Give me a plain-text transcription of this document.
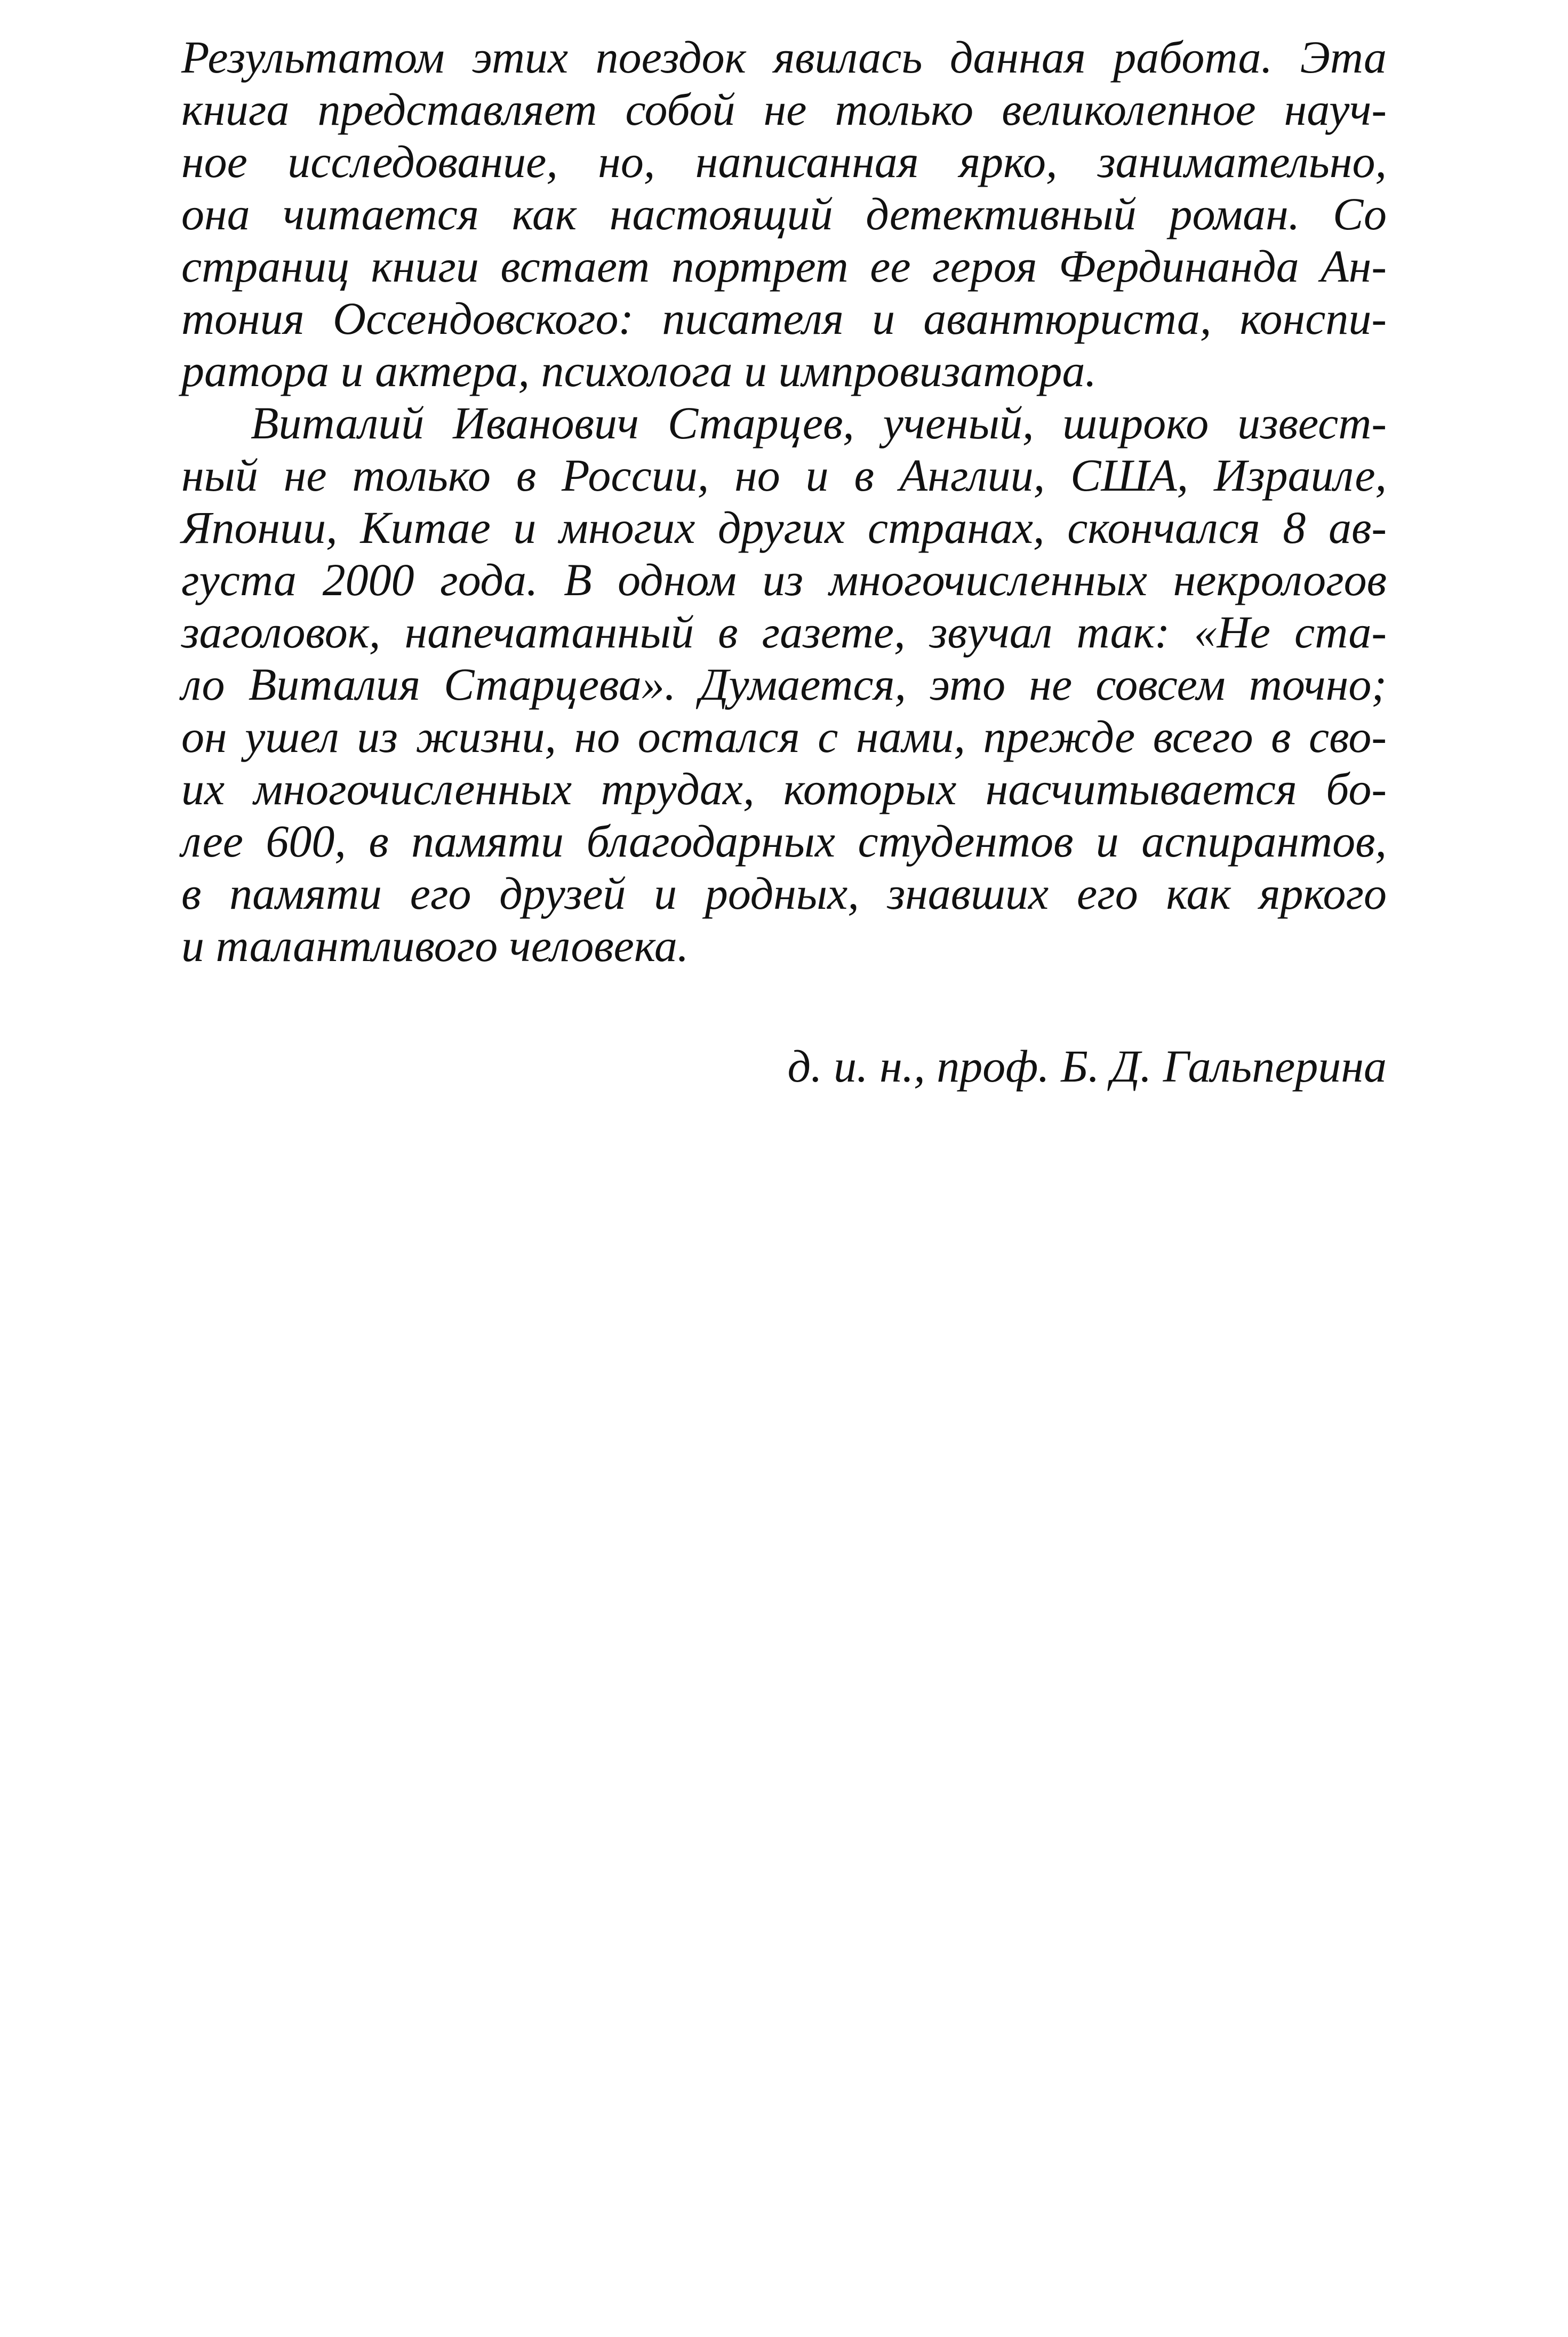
Результатом этих поездок явилась данная работа. Эта
книга представляет собой не только великолепное науч-
ное исследование, но, написанная ярко, занимательно,
она читается как настоящий детективный роман. Со
страниц книги встает портрет ее героя Фердинанда Ан-
тония Оссендовского: писателя и авантюриста, конспи-
ратора и актера, психолога и импровизатора.
Виталий Иванович Старцев, ученый, широко извест-
ный не только в России, но и в Англии, США, Израиле,
Японии, Китае и многих других странах, скончался 8 ав-
густа 2000 года. В одном из многочисленных некрологов
заголовок, напечатанный в газете, звучал так: «Не ста-
ло Виталия Старцева». Думается, это не совсем точно;
он ушел из жизни, но остался с нами, прежде всего в сво-
их многочисленных трудах, которых насчитывается бо-
лее 600, в памяти благодарных студентов и аспирантов,
в памяти его друзей и родных, знавших его как яркого
и талантливого человека.
д. и. н., проф. Б. Д. Гальперина
